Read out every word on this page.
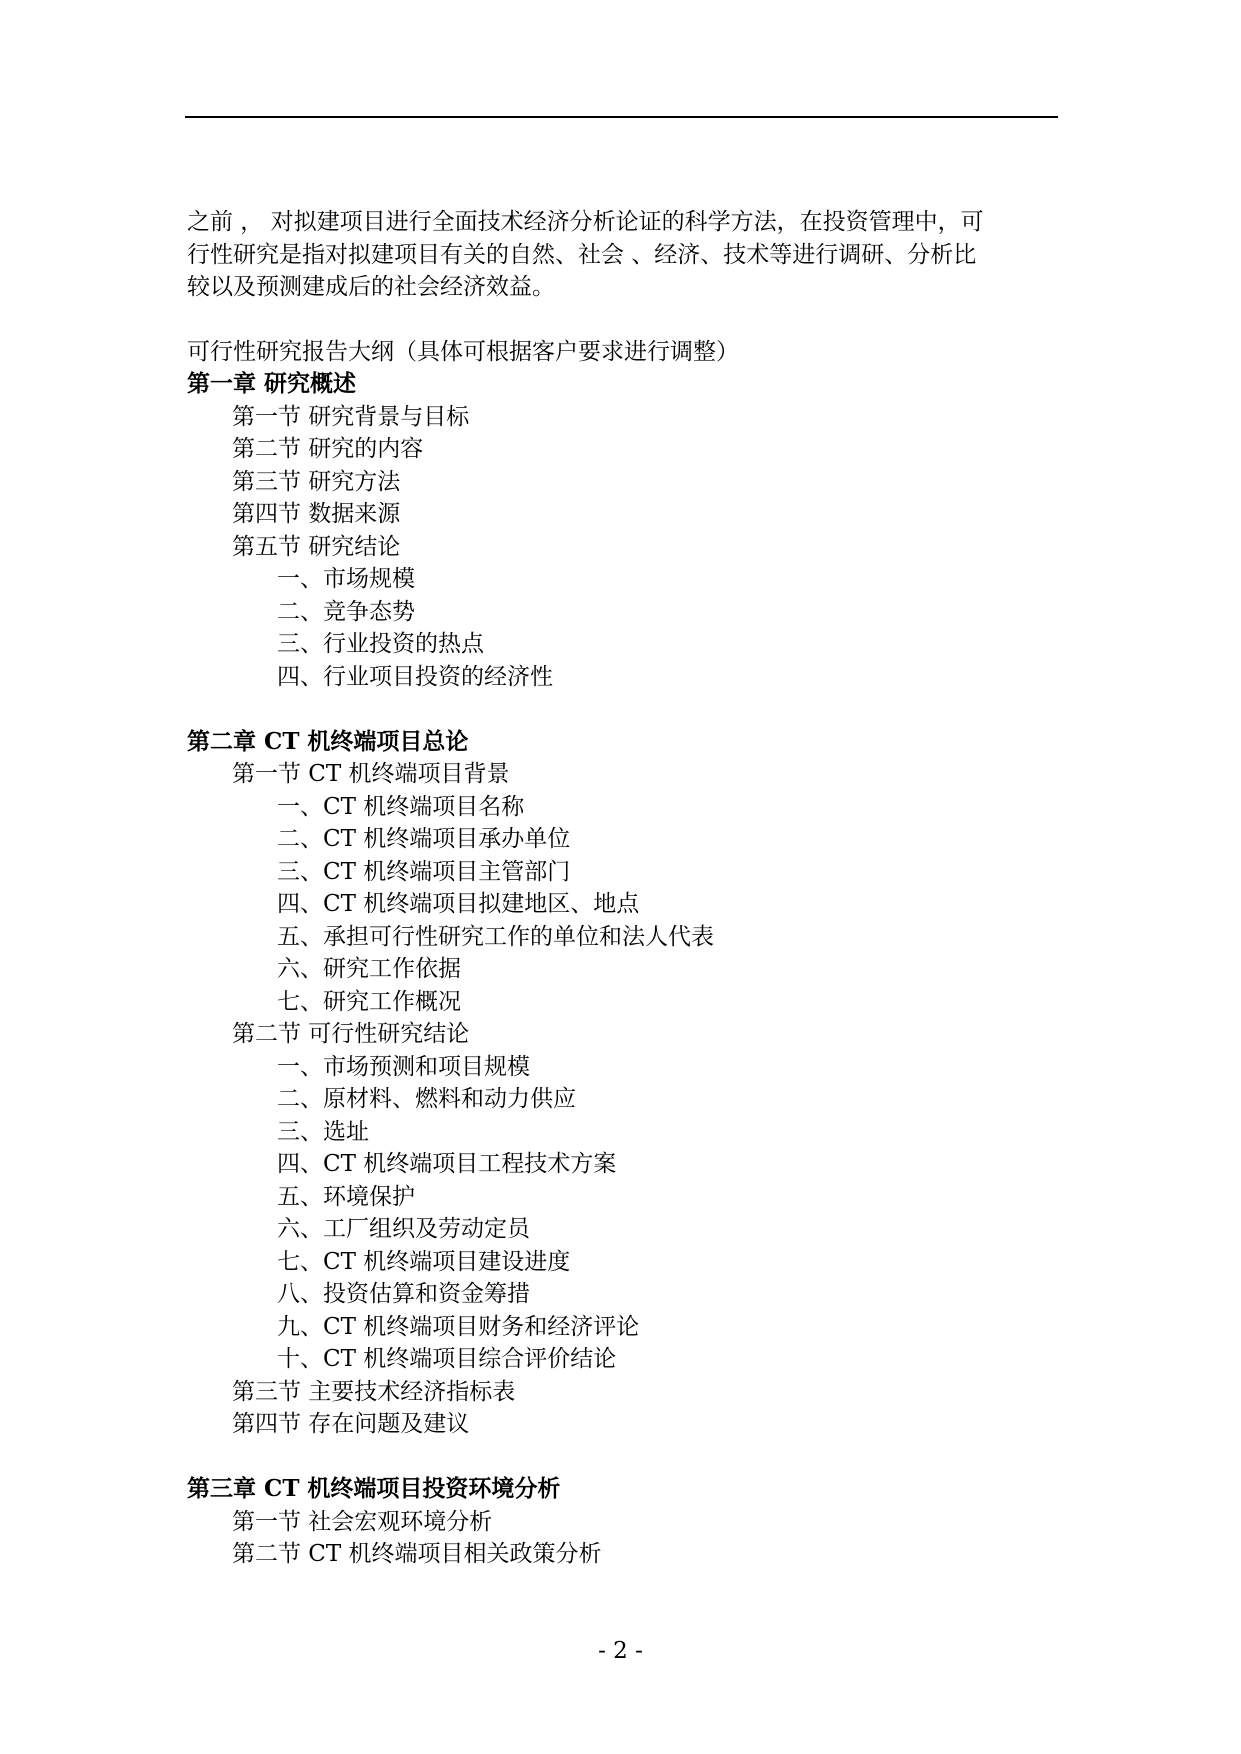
之前 ， 对拟建项目进行全面技术经济分析论证的科学方法，在投资管理中，可

行性研究是指对拟建项目有关的自然、社会 、经济、技术等进行调研、分析比

较以及预测建成后的社会经济效益。

可行性研究报告大纲（具体可根据客户要求进行调整）
第一章 研究概述
第一节 研究背景与目标
第二节 研究的内容
第三节 研究方法
第四节 数据来源
第五节 研究结论
一、市场规模
二、竞争态势
三、行业投资的热点
四、行业项目投资的经济性
第二章 CT 机终端项目总论
第一节 CT 机终端项目背景
一、CT 机终端项目名称
二、CT 机终端项目承办单位
三、CT 机终端项目主管部门
四、CT 机终端项目拟建地区、地点
五、承担可行性研究工作的单位和法人代表
六、研究工作依据
七、研究工作概况
第二节 可行性研究结论
一、市场预测和项目规模
二、原材料、燃料和动力供应
三、选址
四、CT 机终端项目工程技术方案
五、环境保护
六、工厂组织及劳动定员
七、CT 机终端项目建设进度
八、投资估算和资金筹措
九、CT 机终端项目财务和经济评论
十、CT 机终端项目综合评价结论
第三节 主要技术经济指标表
第四节 存在问题及建议
第三章 CT 机终端项目投资环境分析
第一节 社会宏观环境分析
第二节 CT 机终端项目相关政策分析
- 2 -
